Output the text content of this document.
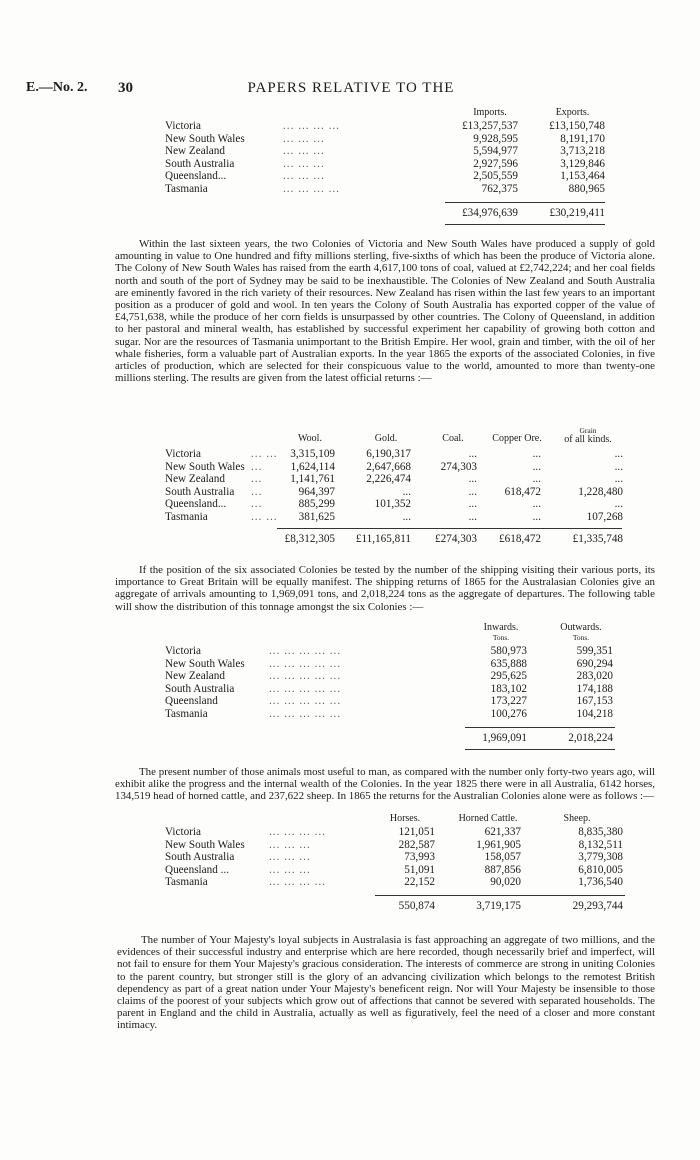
E.—No. 2. 30	PAPERS RELATIVE TO THE
Imports.	Exports.
Victoria	... ... ... ...	£13,257,537	£13,150,748
New South Wales	... ... ...	9,928,595	8,191,170
New Zealand	... ... ...	5,594,977	3,713,218
South Australia	... ... ...	2,927,596	3,129,846
Queensland...	... ... ...	2,505,559	1,153,464
Tasmania	... ... ... ...	762,375	880,965
£34,976,639	£30,219,411

Within the last sixteen years, the two Colonies of Victoria and New South Wales have produced a supply of gold amounting in value to One hundred and fifty millions sterling, five-sixths of which has been the produce of Victoria alone. The Colony of New South Wales has raised from the earth 4,617,100 tons of coal, valued at £2,742,224; and her coal fields north and south of the port of Sydney may be said to be inexhaustible. The Colonies of New Zealand and South Australia are eminently favored in the rich variety of their resources. New Zealand has risen within the last few years to an important position as a producer of gold and wool. In ten years the Colony of South Australia has exported copper of the value of £4,751,638, while the produce of her corn fields is unsurpassed by other countries. The Colony of Queensland, in addition to her pastoral and mineral wealth, has established by successful experiment her capability of growing both cotton and sugar. Nor are the resources of Tasmania unimportant to the British Empire. Her wool, grain and timber, with the oil of her whale fisheries, form a valuable part of Australian exports. In the year 1865 the exports of the associated Colonies, in five articles of production, which are selected for their conspicuous value to the world, amounted to more than twenty-one millions sterling. The results are given from the latest official returns :—

Wool.	Gold.	Coal.	Copper Ore.
Grain
of all kinds.
Victoria	... ...	3,315,109	6,190,317	...	...	...
New South Wales ...	1,624,114	2,647,668	274,303	...	...
New Zealand ...	1,141,761	2,226,474	...	...	...
South Australia ...	964,397	...	...	618,472	1,228,480
Queensland... ...	885,299	101,352	...	...	...
Tasmania	... ...	381,625	...	...	...	107,268
£8,312,305	£11,165,811	£274,303	£618,472	£1,335,748

If the position of the six associated Colonies be tested by the number of the shipping visiting their various ports, its importance to Great Britain will be equally manifest. The shipping returns of 1865 for the Australasian Colonies give an aggregate of arrivals amounting to 1,969,091 tons, and 2,018,224 tons as the aggregate of departures. The following table will show the distribution of this tonnage amongst the six Colonies :—

Inwards.
Tons.
Outwards.
Tons.
Victoria	... ... ... ... ...	580,973	599,351
New South Wales ... ... ... ... ...	635,888	690,294
New Zealand	... ... ... ... ...	295,625	283,020
South Australia	... ... ... ... ...	183,102	174,188
Queensland	... ... ... ... ...	173,227	167,153
Tasmania	... ... ... ... ...	100,276	104,218
1,969,091	2,018,224

The present number of those animals most useful to man, as compared with the number only forty-two years ago, will exhibit alike the progress and the internal wealth of the Colonies. In the year 1825 there were in all Australia, 6142 horses, 134,519 head of horned cattle, and 237,622 sheep. In 1865 the returns for the Australian Colonies alone were as follows :—

Horses.	Horned Cattle.	Sheep.
Victoria	... ... ... ...	121,051	621,337	8,835,380
New South Wales ... ... ...	282,587	1,961,905	8,132,511
South Australia	... ... ...	73,993	158,057	3,779,308
Queensland ...	... ... ...	51,091	887,856	6,810,005
Tasmania	... ... ... ...	22,152	90,020	1,736,540
550,874	3,719,175	29,293,744

The number of Your Majesty's loyal subjects in Australasia is fast approaching an aggregate of two millions, and the evidences of their successful industry and enterprise which are here recorded, though necessarily brief and imperfect, will not fail to ensure for them Your Majesty's gracious consideration. The interests of commerce are strong in uniting Colonies to the parent country, but stronger still is the glory of an advancing civilization which belongs to the remotest British dependency as part of a great nation under Your Majesty's beneficent reign. Nor will Your Majesty be insensible to those claims of the poorest of your subjects which grow out of affections that cannot be severed with separated households. The parent in England and the child in Australia, actually as well as figuratively, feel the need of a closer and more constant intimacy.
